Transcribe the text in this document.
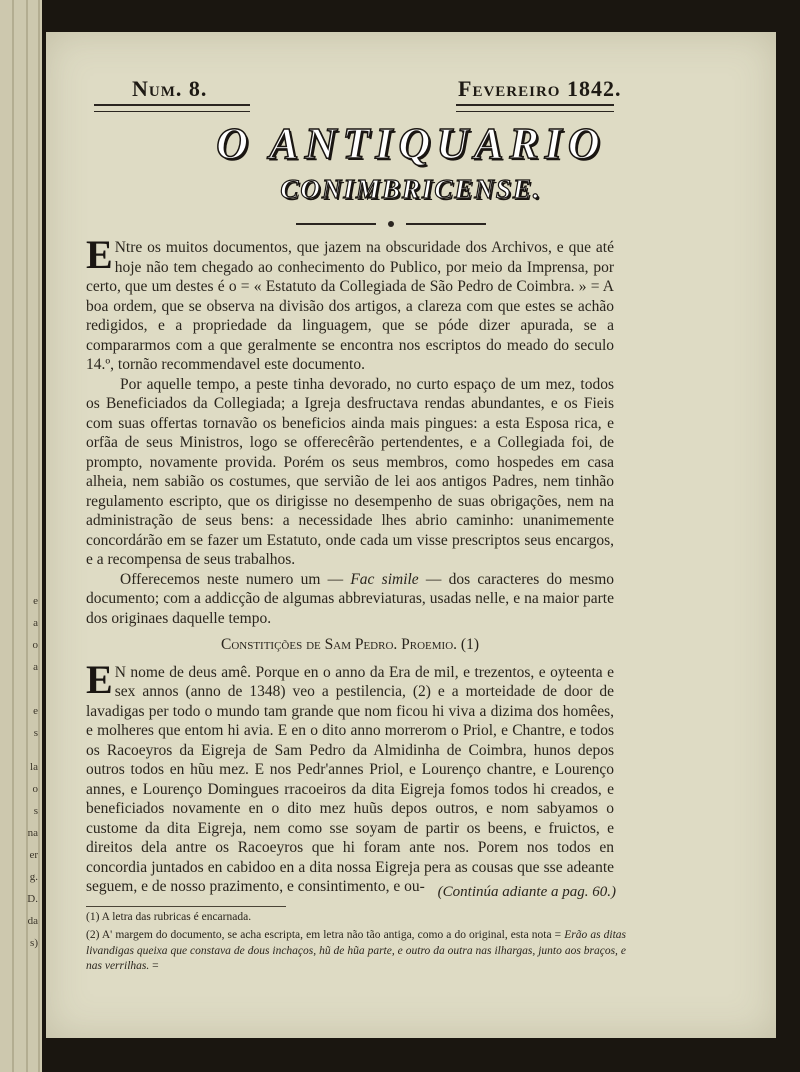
e
a
o
a
e
s
la
o
s
na
er
g.
D.
da
s)
Num. 8.	Fevereiro 1842.
O ANTIQUARIO
CONIMBRICENSE.

E Ntre os muitos documentos, que jazem na obscuridade dos Archivos, e que até hoje não tem chegado ao conhecimento do Publico, por meio da Imprensa, por certo, que um destes é o = « Estatuto da Collegiada de São Pedro de Coimbra. » = A boa ordem, que se observa na divisão dos artigos, a clareza com que estes se achão redigidos, e a propriedade da linguagem, que se póde dizer apurada, se a compararmos com a que geralmente se encontra nos escriptos do meado do seculo 14.º, tornão recommendavel este documento.

Por aquelle tempo, a peste tinha devorado, no curto espaço de um mez, todos os Beneficiados da Collegiada; a Igreja desfructava rendas abundantes, e os Fieis com suas offertas tornavão os beneficios ainda mais pingues: a esta Esposa rica, e orfãa de seus Ministros, logo se offerecêrão pertendentes, e a Collegiada foi, de prompto, novamente provida. Porém os seus membros, como hospedes em casa alheia, nem sabião os costumes, que servião de lei aos antigos Padres, nem tinhão regulamento escripto, que os dirigisse no desempenho de suas obrigações, nem na administração de seus bens: a necessidade lhes abrio caminho: unanimemente concordárão em se fazer um Estatuto, onde cada um visse prescriptos seus encargos, e a recompensa de seus trabalhos.

Offerecemos neste numero um — Fac simile — dos caracteres do mesmo documento; com a addicção de algumas abbreviaturas, usadas nelle, e na maior parte dos originaes daquelle tempo.

Constitições de Sam Pedro. Proemio. (1)

E N nome de deus amê. Porque en o anno da Era de mil, e trezentos, e oyteenta e sex annos (anno de 1348) veo a pestilencia, (2) e a morteidade de door de lavadigas per todo o mundo tam grande que nom ficou hi viva a dizima dos homêes, e molheres que entom hi avia. E en o dito anno morrerom o Priol, e Chantre, e todos os Racoeyros da Eigreja de Sam Pedro da Almidinha de Coimbra, hunos depos outros todos en hũu mez. E nos Pedr'annes Priol, e Lourenço chantre, e Lourenço annes, e Lourenço Domingues rracoeiros da dita Eigreja fomos todos hi creados, e beneficiados novamente en o dito mez huũs depos outros, e nom sabyamos o custome da dita Eigreja, nem como sse soyam de partir os beens, e fruictos, e direitos dela antre os Racoeyros que hi foram ante nos. Porem nos todos en concordia juntados en cabidoo en a dita nossa Eigreja pera as cousas que sse adeante seguem, e de nosso prazimento, e consintimento, e ou- (Continúa adiante a pag. 60.)
(1) A letra das rubricas é encarnada.
(2) A' margem do documento, se acha escripta, em letra não tão antiga, como a do original, esta nota = Erão as ditas livandigas queixa que constava de dous inchaços, hũ de hũa parte, e outro da outra nas ilhargas, junto aos braços, e nas verrilhas. =
